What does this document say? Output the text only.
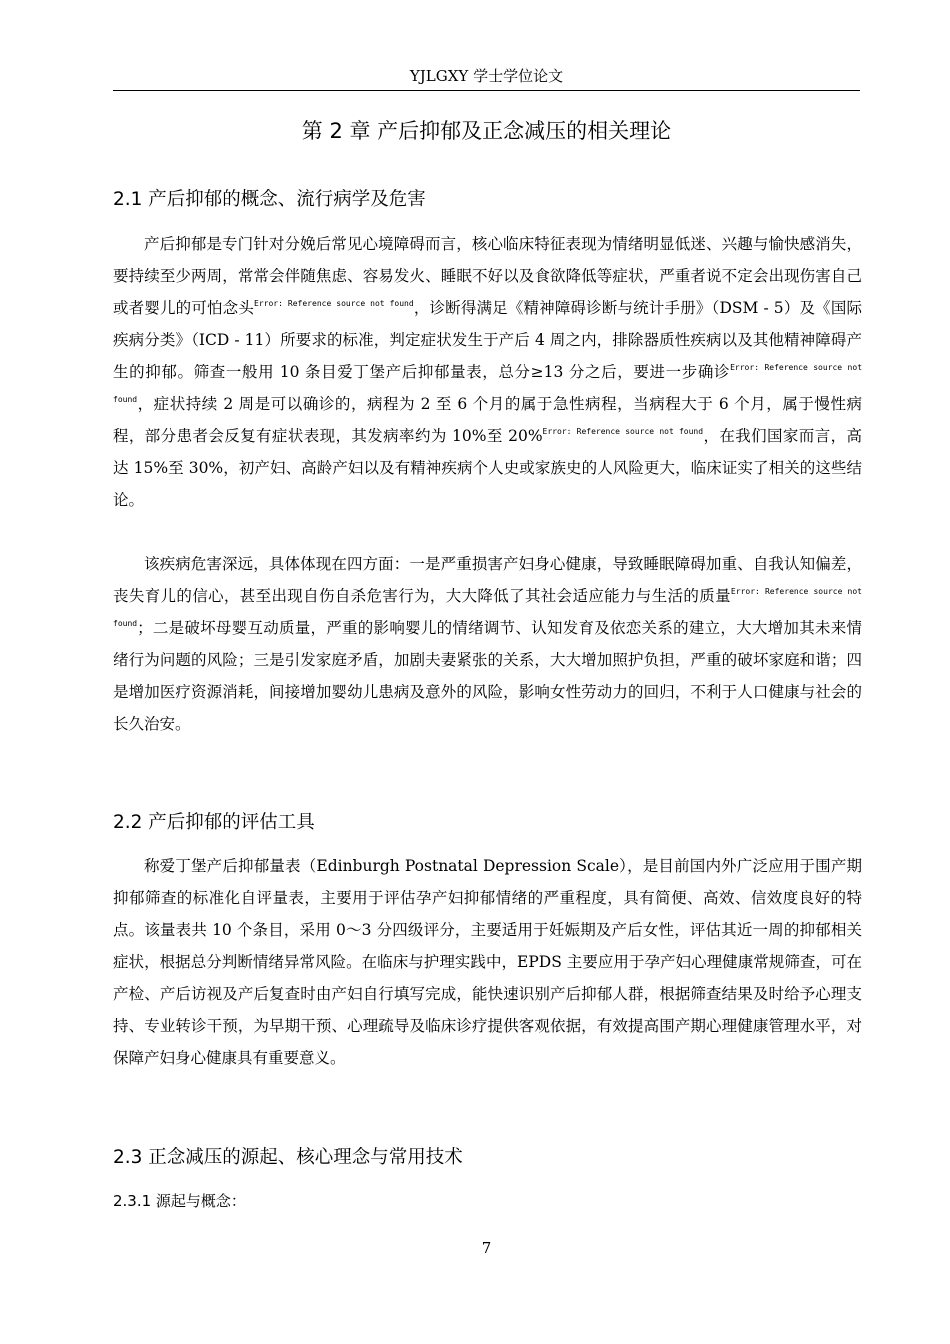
YJLGXY 学士学位论文
第 2 章 产后抑郁及正念减压的相关理论
2.1 产后抑郁的概念、流行病学及危害

产后抑郁是专门针对分娩后常见心境障碍而言，核心临床特征表现为情绪明显低迷、兴趣与愉快感消失，要持续至少两周，常常会伴随焦虑、容易发火、睡眠不好以及食欲降低等症状，严重者说不定会出现伤害自己或者婴儿的可怕念头$^{Error: Reference source not found}$，诊断得满足《精神障碍诊断与统计手册》（DSM - 5）及《国际疾病分类》（ICD - 11）所要求的标准，判定症状发生于产后 4 周之内，排除器质性疾病以及其他精神障碍产生的抑郁。筛查一般用 10 条目爱丁堡产后抑郁量表，总分≥13 分之后，要进一步确诊$^{Error: Reference source not found}$，症状持续 2 周是可以确诊的，病程为 2 至 6 个月的属于急性病程，当病程大于 6 个月，属于慢性病程，部分患者会反复有症状表现，其发病率约为 10%至 20%$^{Error: Reference source not found}$，在我们国家而言，高达 15%至 30%，初产妇、高龄产妇以及有精神疾病个人史或家族史的人风险更大，临床证实了相关的这些结论。

该疾病危害深远，具体体现在四方面：一是严重损害产妇身心健康，导致睡眠障碍加重、自我认知偏差，丧失育儿的信心，甚至出现自伤自杀危害行为，大大降低了其社会适应能力与生活的质量$^{Error: Reference source not found}$；二是破坏母婴互动质量，严重的影响婴儿的情绪调节、认知发育及依恋关系的建立，大大增加其未来情绪行为问题的风险；三是引发家庭矛盾，加剧夫妻紧张的关系，大大增加照护负担，严重的破坏家庭和谐；四是增加医疗资源消耗，间接增加婴幼儿患病及意外的风险，影响女性劳动力的回归，不利于人口健康与社会的长久治安。

2.2 产后抑郁的评估工具

称爱丁堡产后抑郁量表（Edinburgh Postnatal Depression Scale），是目前国内外广泛应用于围产期抑郁筛查的标准化自评量表，主要用于评估孕产妇抑郁情绪的严重程度，具有简便、高效、信效度良好的特点。该量表共 10 个条目，采用 0～3 分四级评分，主要适用于妊娠期及产后女性，评估其近一周的抑郁相关症状，根据总分判断情绪异常风险。在临床与护理实践中，EPDS 主要应用于孕产妇心理健康常规筛查，可在产检、产后访视及产后复查时由产妇自行填写完成，能快速识别产后抑郁人群，根据筛查结果及时给予心理支持、专业转诊干预，为早期干预、心理疏导及临床诊疗提供客观依据，有效提高围产期心理健康管理水平，对保障产妇身心健康具有重要意义。

2.3 正念减压的源起、核心理念与常用技术
2.3.1 源起与概念：
7
